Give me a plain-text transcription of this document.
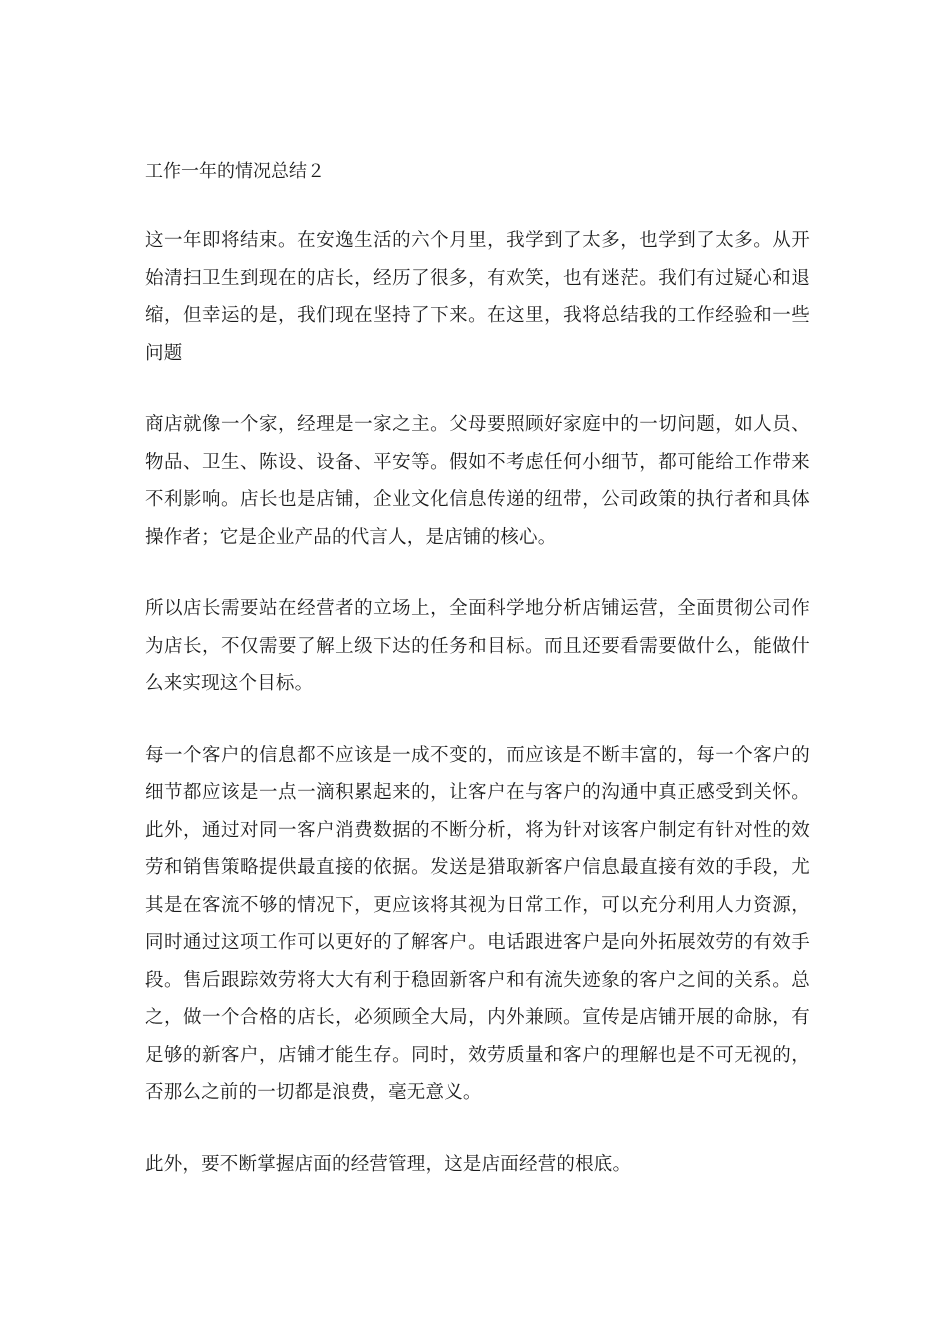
工作一年的情况总结２

这一年即将结束。在安逸生活的六个月里，我学到了太多，也学到了太多。从开始清扫卫生到现在的店长，经历了很多，有欢笑，也有迷茫。我们有过疑心和退缩，但幸运的是，我们现在坚持了下来。在这里，我将总结我的工作经验和一些问题

商店就像一个家，经理是一家之主。父母要照顾好家庭中的一切问题，如人员、物品、卫生、陈设、设备、平安等。假如不考虑任何小细节，都可能给工作带来不利影响。店长也是店铺，企业文化信息传递的纽带，公司政策的执行者和具体操作者；它是企业产品的代言人，是店铺的核心。

所以店长需要站在经营者的立场上，全面科学地分析店铺运营，全面贯彻公司作为店长，不仅需要了解上级下达的任务和目标。而且还要看需要做什么，能做什么来实现这个目标。

每一个客户的信息都不应该是一成不变的，而应该是不断丰富的，每一个客户的细节都应该是一点一滴积累起来的，让客户在与客户的沟通中真正感受到关怀。此外，通过对同一客户消费数据的不断分析，将为针对该客户制定有针对性的效劳和销售策略提供最直接的依据。发送是猎取新客户信息最直接有效的手段，尤其是在客流不够的情况下，更应该将其视为日常工作，可以充分利用人力资源，同时通过这项工作可以更好的了解客户。电话跟进客户是向外拓展效劳的有效手段。售后跟踪效劳将大大有利于稳固新客户和有流失迹象的客户之间的关系。总之，做一个合格的店长，必须顾全大局，内外兼顾。宣传是店铺开展的命脉，有足够的新客户，店铺才能生存。同时，效劳质量和客户的理解也是不可无视的，否那么之前的一切都是浪费，毫无意义。

此外，要不断掌握店面的经营管理，这是店面经营的根底。
